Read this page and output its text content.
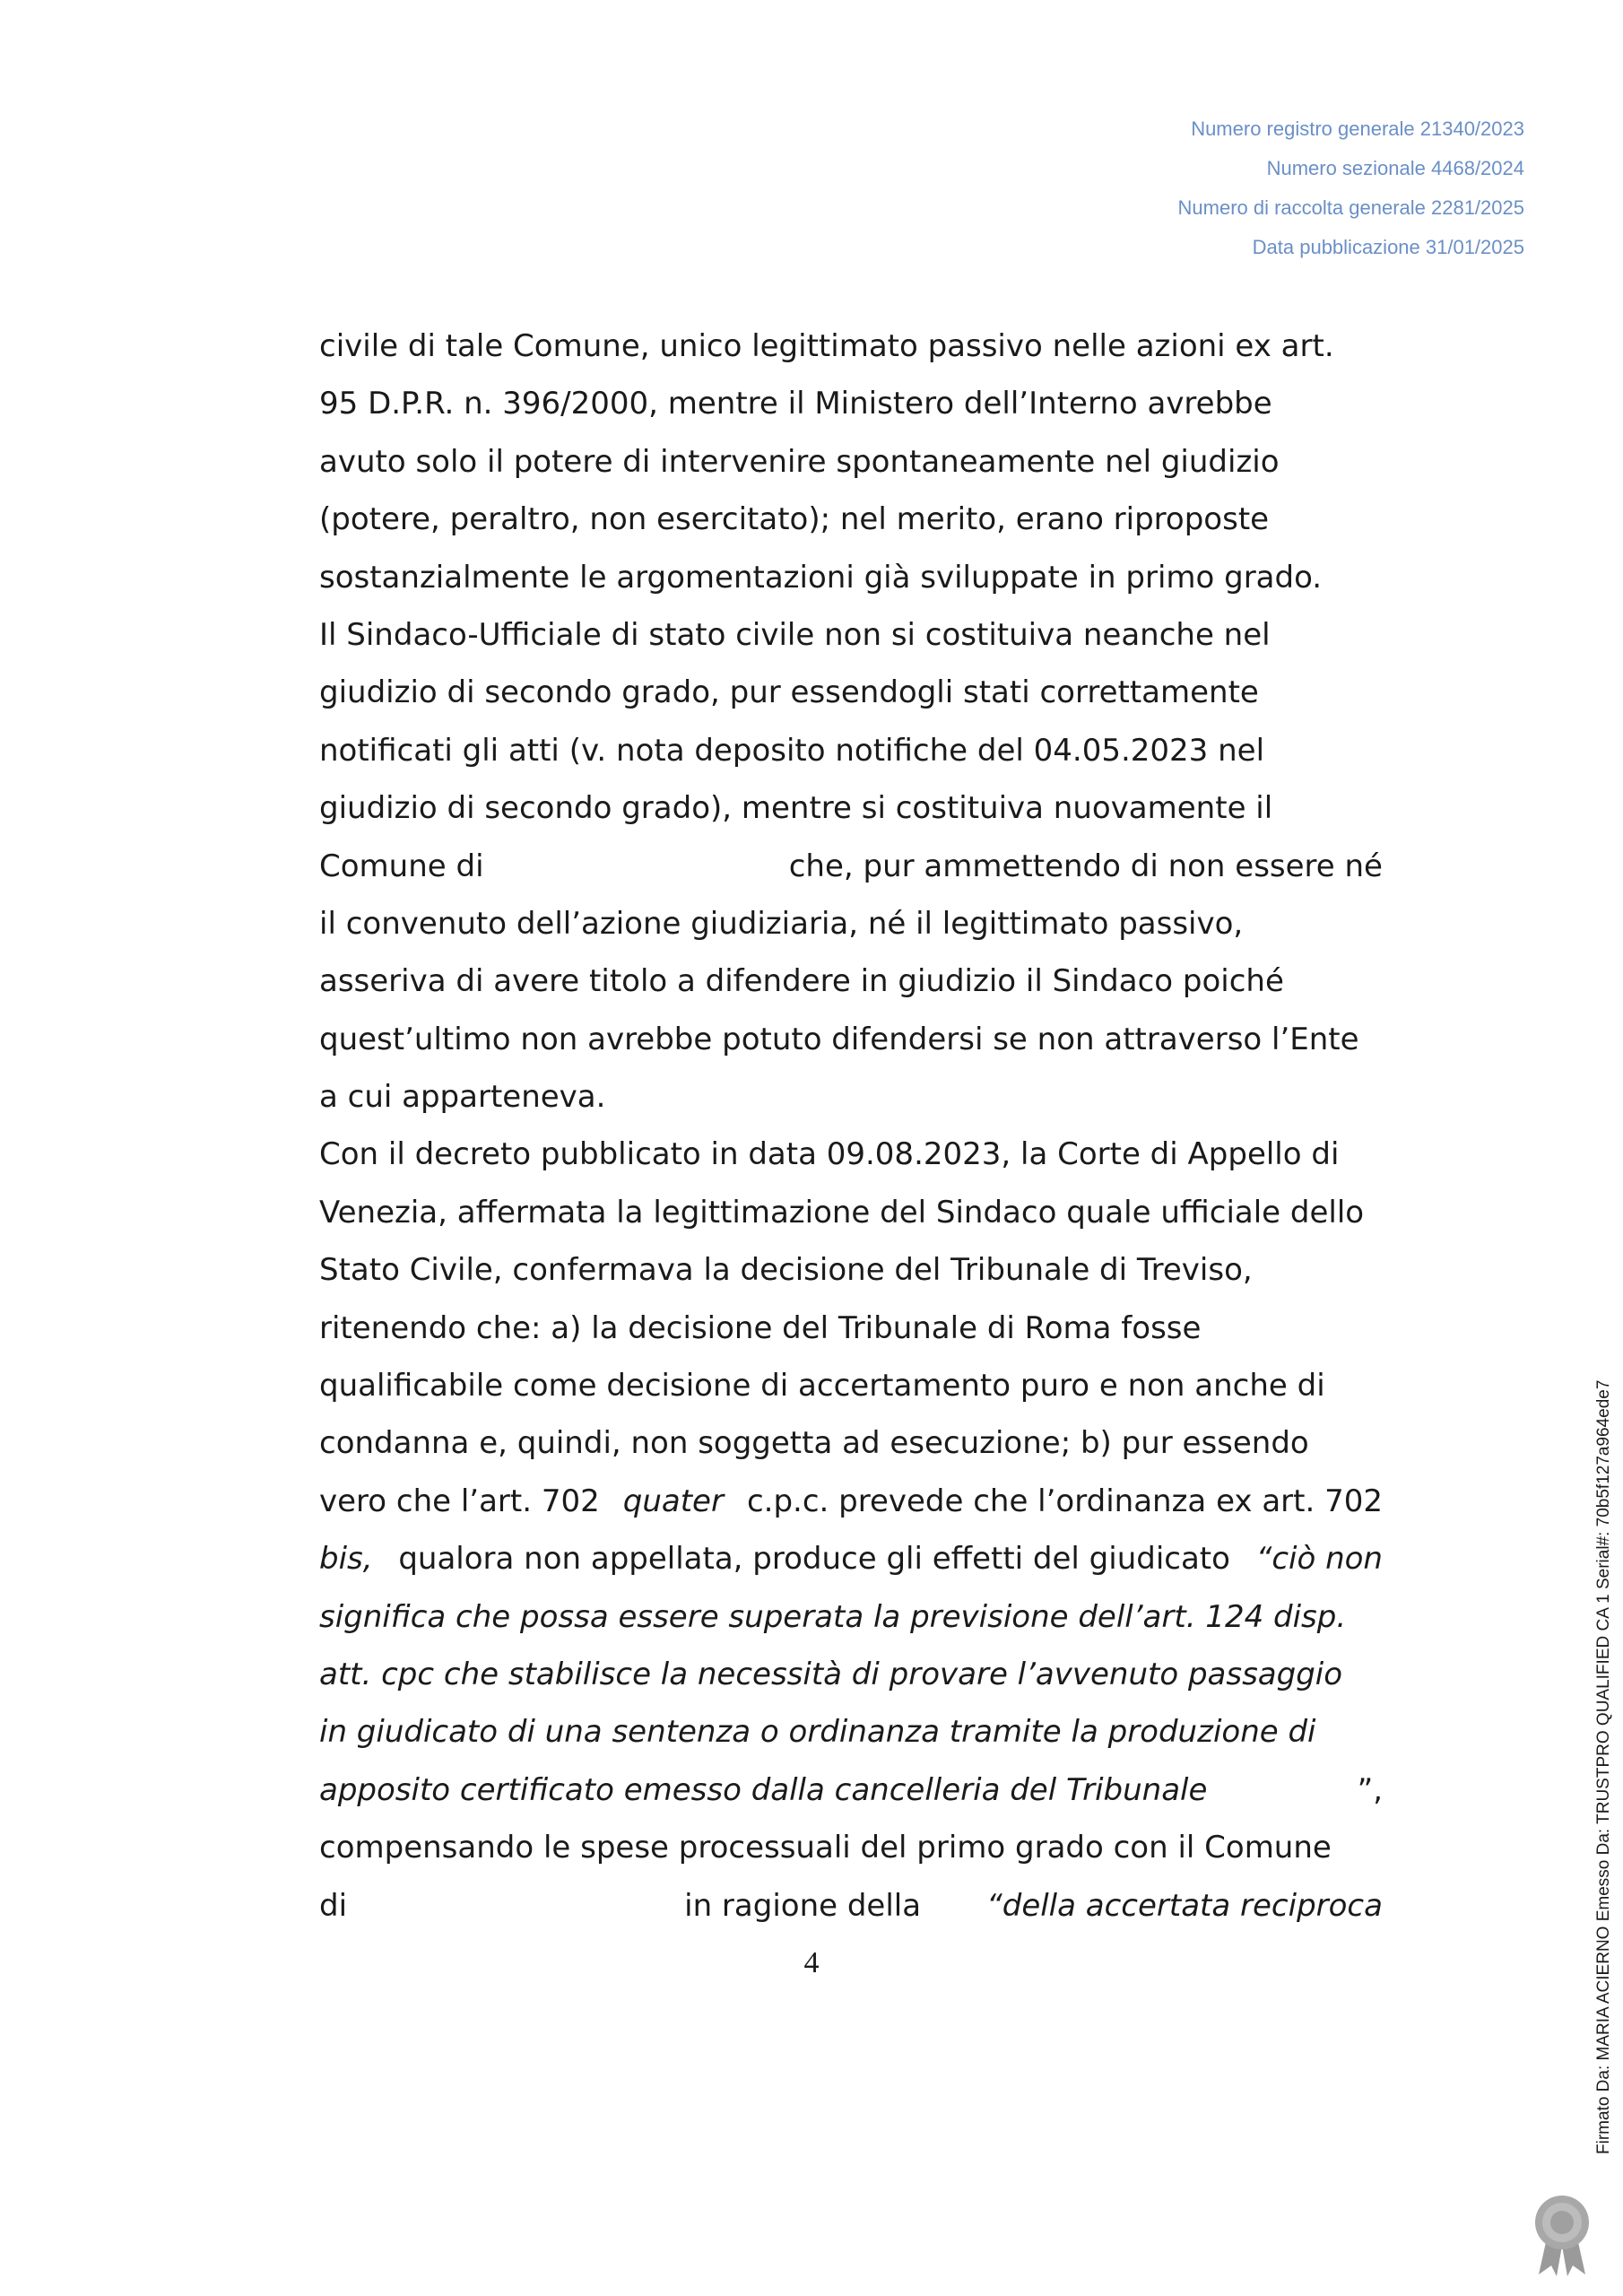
Numero registro generale 21340/2023
Numero sezionale 4468/2024
Numero di raccolta generale 2281/2025
Data pubblicazione 31/01/2025
civile di tale Comune, unico legittimato passivo nelle azioni ex art.
95 D.P.R. n. 396/2000, mentre il Ministero dell’Interno avrebbe
avuto solo il potere di intervenire spontaneamente nel giudizio
(potere, peraltro, non esercitato); nel merito, erano riproposte
sostanzialmente le argomentazioni già sviluppate in primo grado.
Il Sindaco-Ufficiale di stato civile non si costituiva neanche nel
giudizio di secondo grado, pur essendogli stati correttamente
notificati gli atti (v. nota deposito notifiche del 04.05.2023 nel
giudizio di secondo grado), mentre si costituiva nuovamente il
Comune di	che, pur ammettendo di non essere né
il convenuto dell’azione giudiziaria, né il legittimato passivo,
asseriva di avere titolo a difendere in giudizio il Sindaco poiché
quest’ultimo non avrebbe potuto difendersi se non attraverso l’Ente
a cui apparteneva.
Con il decreto pubblicato in data 09.08.2023, la Corte di Appello di
Venezia, affermata la legittimazione del Sindaco quale ufficiale dello
Stato Civile, confermava la decisione del Tribunale di Treviso,
ritenendo che: a) la decisione del Tribunale di Roma fosse
qualificabile come decisione di accertamento puro e non anche di
condanna e, quindi, non soggetta ad esecuzione; b) pur essendo
vero che l’art. 702 quater c.p.c. prevede che l’ordinanza ex art. 702
bis, qualora non appellata, produce gli effetti del giudicato “ciò non
significa che possa essere superata la previsione dell’art. 124 disp.
att. cpc che stabilisce la necessità di provare l’avvenuto passaggio
in giudicato di una sentenza o ordinanza tramite la produzione di
apposito certificato emesso dalla cancelleria del Tribunale	”,
compensando le spese processuali del primo grado con il Comune
di	in ragione della “della accertata reciproca
4	Firmato Da: MARIA ACIERNO Emesso Da: TRUSTPRO QUALIFIED CA 1 Serial#: 70b5f127a964ede7
